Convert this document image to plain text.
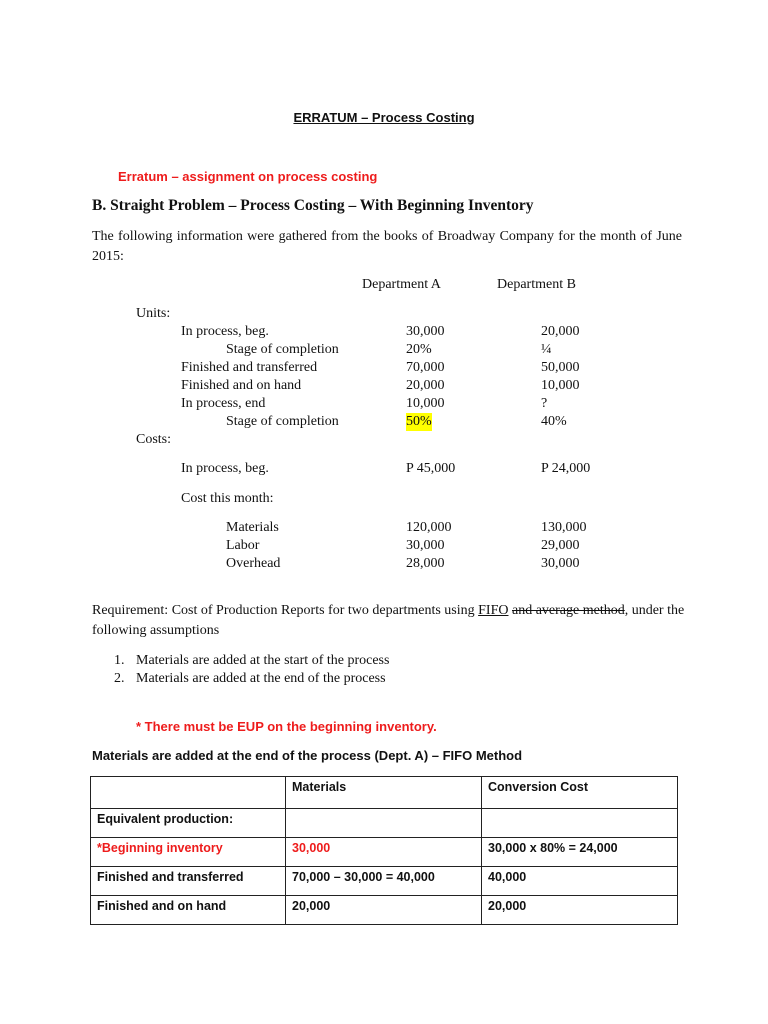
ERRATUM – Process Costing
Erratum – assignment on process costing
B. Straight Problem – Process Costing – With Beginning Inventory
The following information were gathered from the books of Broadway Company for the month of June 2015:
Department A	Department B
Units:
In process, beg.	30,000	20,000
Stage of completion	20%	¼
Finished and transferred	70,000	50,000
Finished and on hand	20,000	10,000
In process, end	10,000	?
Stage of completion	50%	40%
Costs:
In process, beg.	P 45,000	P 24,000
Cost this month:
Materials	120,000	130,000
Labor	30,000	29,000
Overhead	28,000	30,000
Requirement: Cost of Production Reports for two departments using FIFO and average method, under the following assumptions
1. Materials are added at the start of the process
2. Materials are added at the end of the process
* There must be EUP on the beginning inventory.
Materials are added at the end of the process (Dept. A) – FIFO Method
	Materials	Conversion Cost
Equivalent production:		
*Beginning inventory	30,000	30,000 x 80% = 24,000
Finished and transferred	70,000 – 30,000 = 40,000	40,000
Finished and on hand	20,000	20,000
